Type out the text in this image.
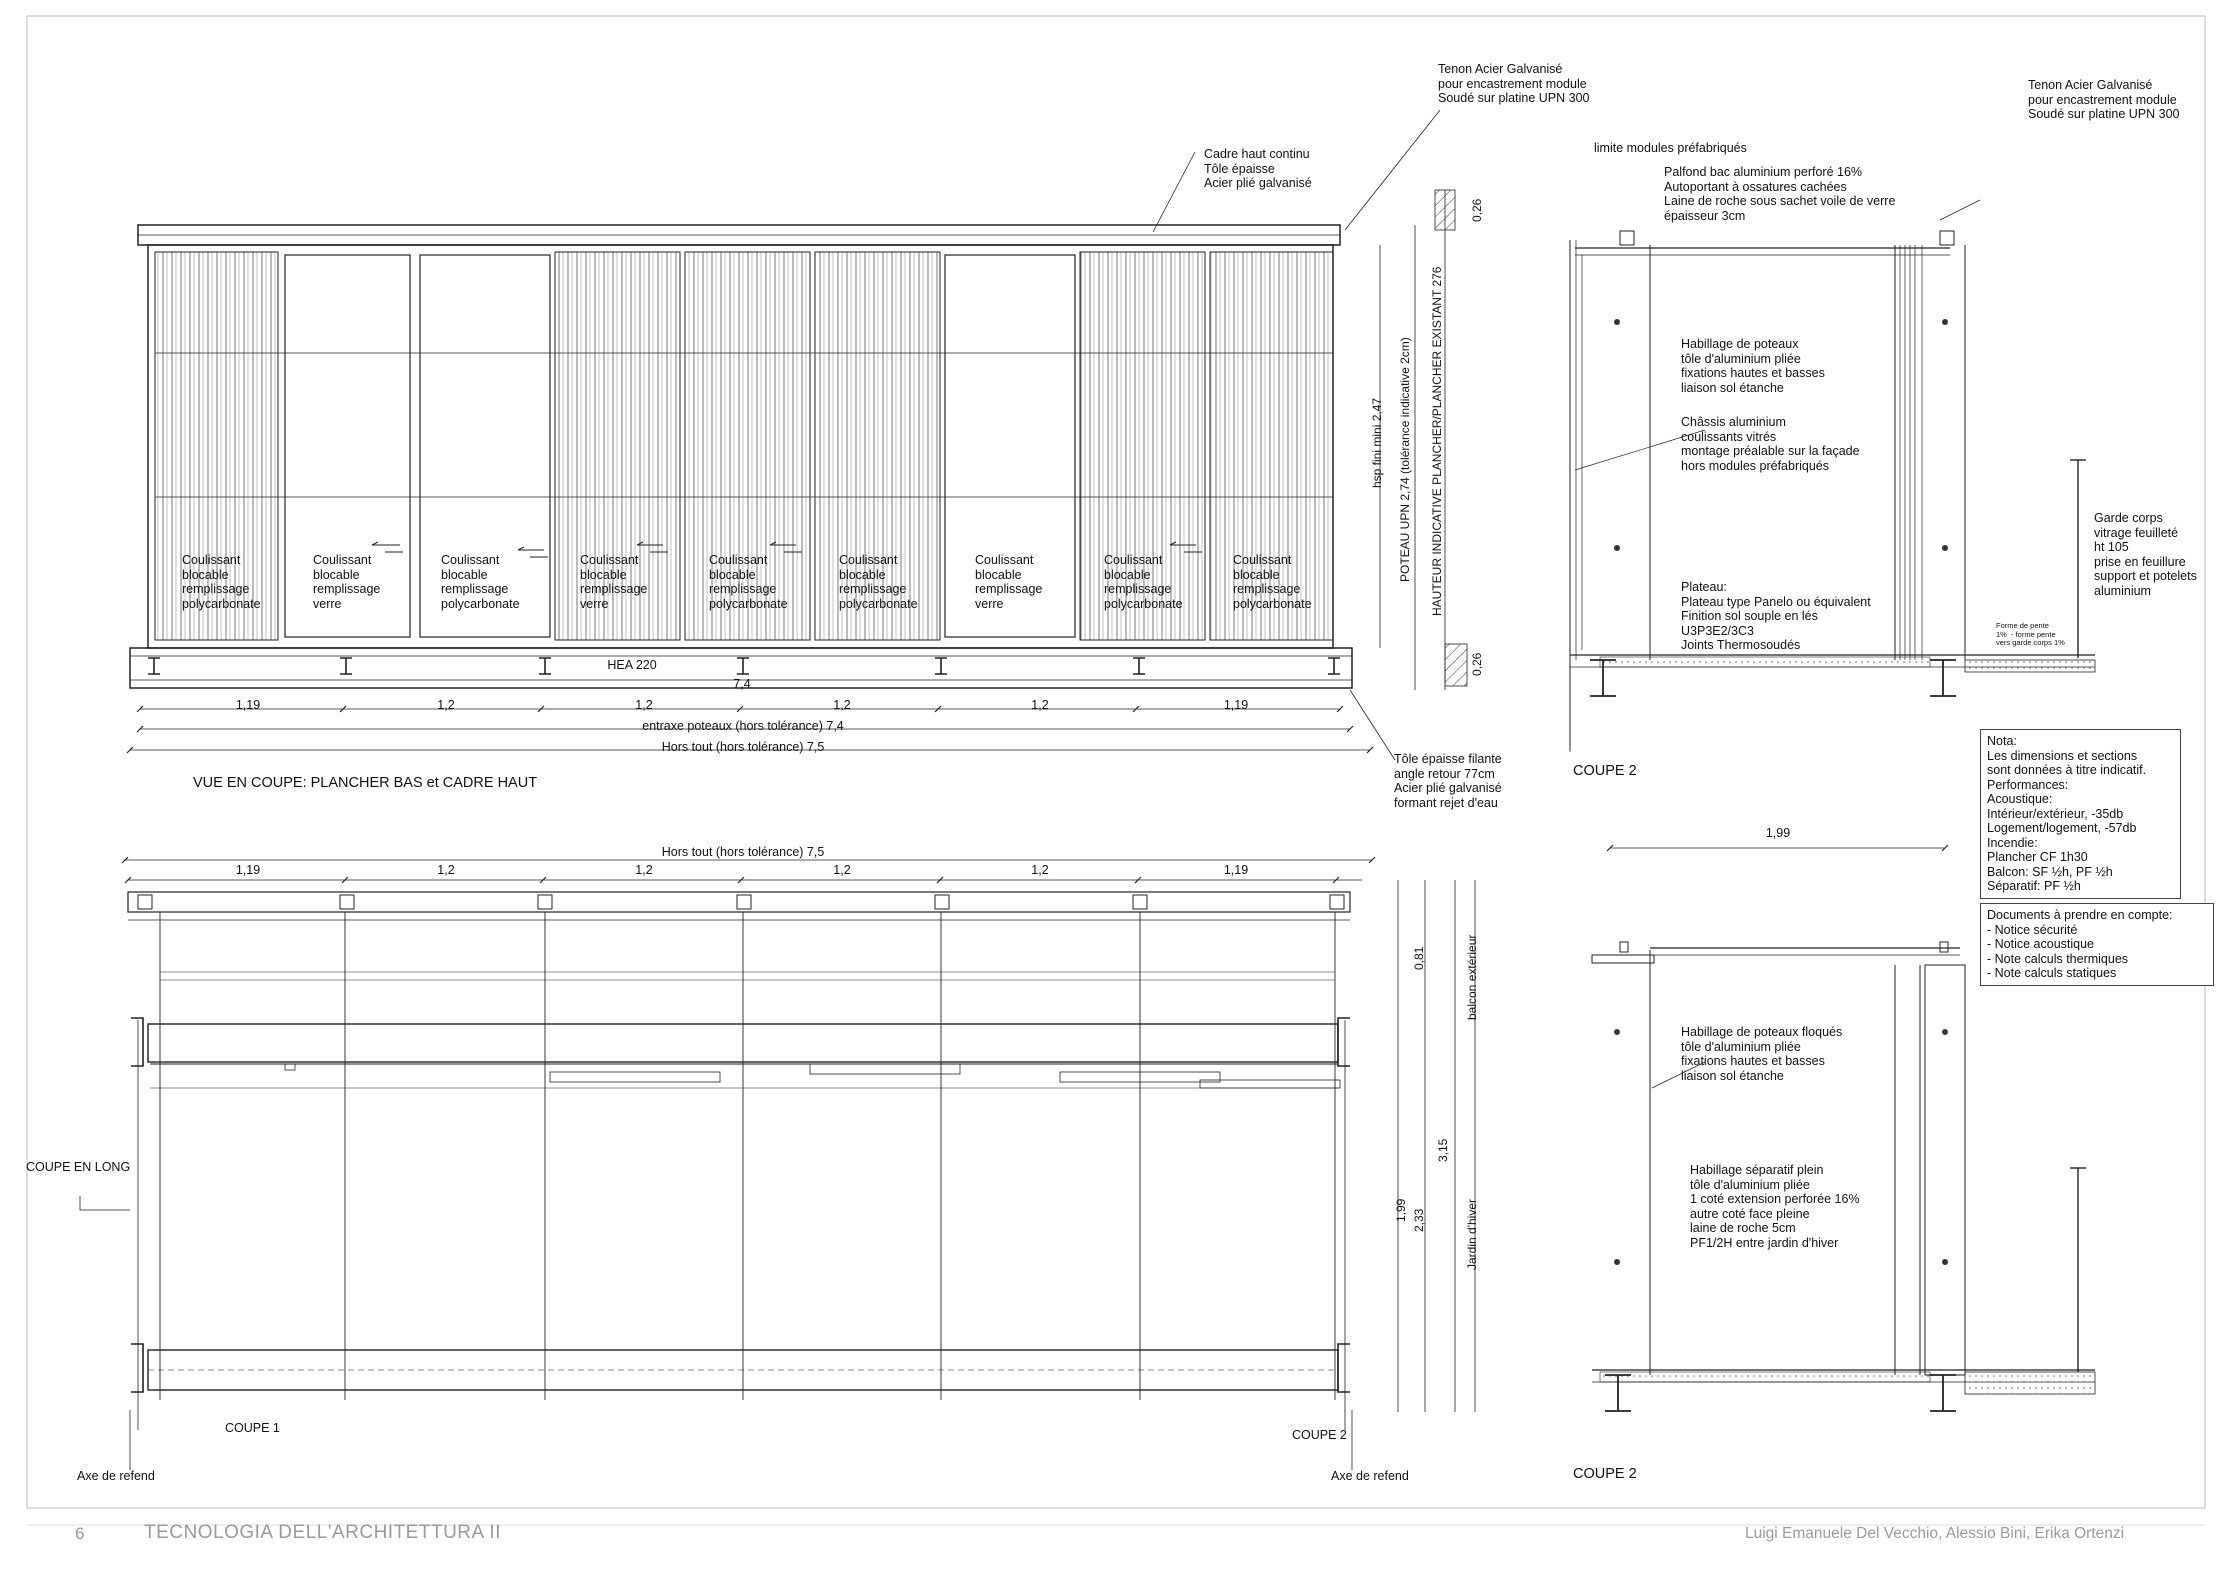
Coulissant
blocable
remplissage
polycarbonate
Coulissant
blocable
remplissage
verre
Coulissant
blocable
remplissage
polycarbonate
Coulissant
blocable
remplissage
verre
Coulissant
blocable
remplissage
polycarbonate
Coulissant
blocable
remplissage
polycarbonate
Coulissant
blocable
remplissage
verre
Coulissant
blocable
remplissage
polycarbonate
Coulissant
blocable
remplissage
polycarbonate
HEA 220
7,4
1,19	1,2	1,2	1,2	1,2	1,19
entraxe poteaux (hors tolérance) 7,4
Hors tout (hors tolérance) 7,5
VUE EN COUPE: PLANCHER BAS et CADRE HAUT
Cadre haut continu
Tôle épaisse
Acier plié galvanisé
Tenon Acier Galvanisé
pour encastrement module
Soudé sur platine UPN 300
Tôle épaisse filante
angle retour 77cm
Acier plié galvanisé
formant rejet d'eau
0,26
0,26
hsp fini mini 2,47 POTEAU UPN 2,74 (tolérance indicative 2cm) HAUTEUR INDICATIVE PLANCHER/PLANCHER EXISTANT 276
Hors tout (hors tolérance) 7,5
1,19	1,2	1,2	1,2	1,2	1,19
COUPE EN LONG
COUPE 1	COUPE 2
Axe de refend	Axe de refend
0,81
1,99 2,33
3,15
balcon extérieur
Jardin d'hiver
limite modules préfabriqués
Tenon Acier Galvanisé
pour encastrement module
Soudé sur platine UPN 300
Palfond bac aluminium perforé 16%
Autoportant à ossatures cachées
Laine de roche sous sachet voile de verre
épaisseur 3cm
Habillage de poteaux
tôle d'aluminium pliée
fixations hautes et basses
liaison sol étanche
Châssis aluminium
coulissants vitrés
montage préalable sur la façade
hors modules préfabriqués
Plateau:
Plateau type Panelo ou équivalent
Finition sol souple en lés
U3P3E2/3C3
Joints Thermosoudés
Garde corps
vitrage feuilleté
ht 105
prise en feuillure
support et potelets
aluminium
Forme de pente
1%  - forme pente
vers garde corps 1%
COUPE 2
Nota:
Les dimensions et sections
sont données à titre indicatif.
Performances:
Acoustique:
Intérieur/extérieur, -35db
Logement/logement, -57db
Incendie:
Plancher CF 1h30
Balcon: SF ½h, PF ½h
Séparatif: PF ½h
Documents à prendre en compte:
- Notice sécurité
- Notice acoustique
- Note calculs thermiques
- Note calculs statiques
1,99
Habillage de poteaux floqués
tôle d'aluminium pliée
fixations hautes et basses
liaison sol étanche
Habillage séparatif plein
tôle d'aluminium pliée
1 coté extension perforée 16%
autre coté face pleine
laine de roche 5cm
PF1/2H entre jardin d'hiver
COUPE 2
6	TECNOLOGIA DELL'ARCHITETTURA II	Luigi Emanuele Del Vecchio, Alessio Bini, Erika Ortenzi
